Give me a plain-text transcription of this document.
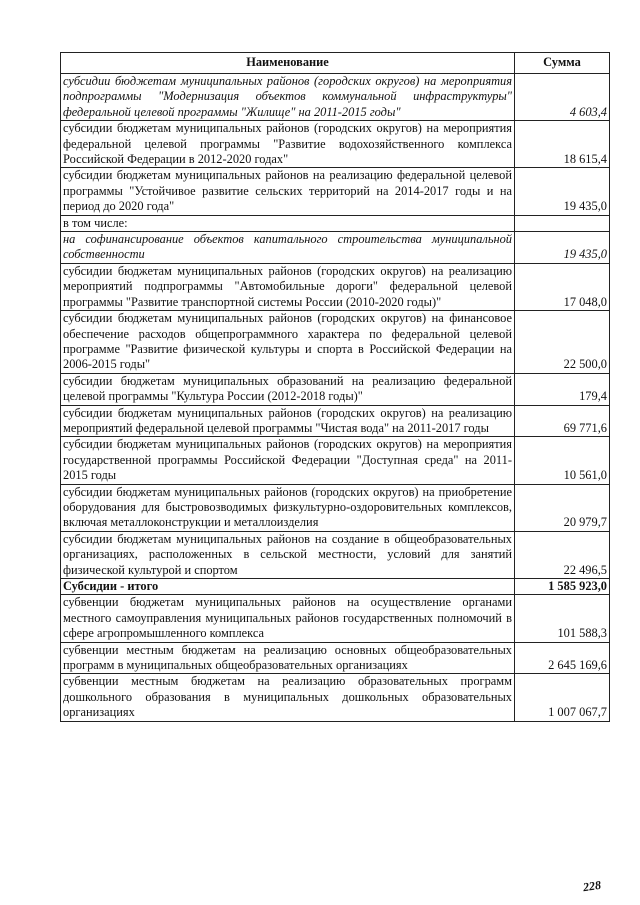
Наименование	Сумма
субсидии бюджетам муниципальных районов (городских округов) на мероприятия подпрограммы "Модернизация объектов коммунальной инфраструктуры" федеральной целевой программы "Жилище" на 2011-2015 годы"	4 603,4
субсидии бюджетам муниципальных районов (городских округов) на мероприятия федеральной целевой программы "Развитие водохозяйственного комплекса Российской Федерации в 2012-2020 годах"	18 615,4
субсидии бюджетам муниципальных районов на реализацию федеральной целевой программы "Устойчивое развитие сельских территорий на 2014-2017 годы и на период до 2020 года"	19 435,0
в том числе:	
на софинансирование объектов капитального строительства муниципальной собственности	19 435,0
субсидии бюджетам муниципальных районов (городских округов) на реализацию мероприятий подпрограммы "Автомобильные дороги" федеральной целевой программы "Развитие транспортной системы России (2010-2020 годы)"	17 048,0
субсидии бюджетам муниципальных районов (городских округов) на финансовое обеспечение расходов общепрограммного характера по федеральной целевой программе "Развитие физической культуры и спорта в Российской Федерации на 2006-2015 годы"	22 500,0
субсидии бюджетам муниципальных образований на реализацию федеральной целевой программы "Культура России (2012-2018 годы)"	179,4
субсидии бюджетам муниципальных районов (городских округов) на реализацию мероприятий федеральной целевой программы "Чистая вода" на 2011-2017 годы	69 771,6
субсидии бюджетам муниципальных районов (городских округов) на мероприятия государственной программы Российской Федерации "Доступная среда" на 2011-2015 годы	10 561,0
субсидии бюджетам муниципальных районов (городских округов) на приобретение оборудования для быстровозводимых физкультурно-оздоровительных комплексов, включая металлоконструкции и металлоизделия	20 979,7
субсидии бюджетам муниципальных районов на создание в общеобразовательных организациях, расположенных в сельской местности, условий для занятий физической культурой и спортом	22 496,5
Субсидии - итого	1 585 923,0
субвенции бюджетам муниципальных районов на осуществление органами местного самоуправления муниципальных районов государственных полномочий в сфере агропромышленного комплекса	101 588,3
субвенции местным бюджетам на реализацию основных общеобразовательных программ в муниципальных общеобразовательных организациях	2 645 169,6
субвенции местным бюджетам на реализацию образовательных программ дошкольного образования в муниципальных дошкольных образовательных организациях	1 007 067,7
228
